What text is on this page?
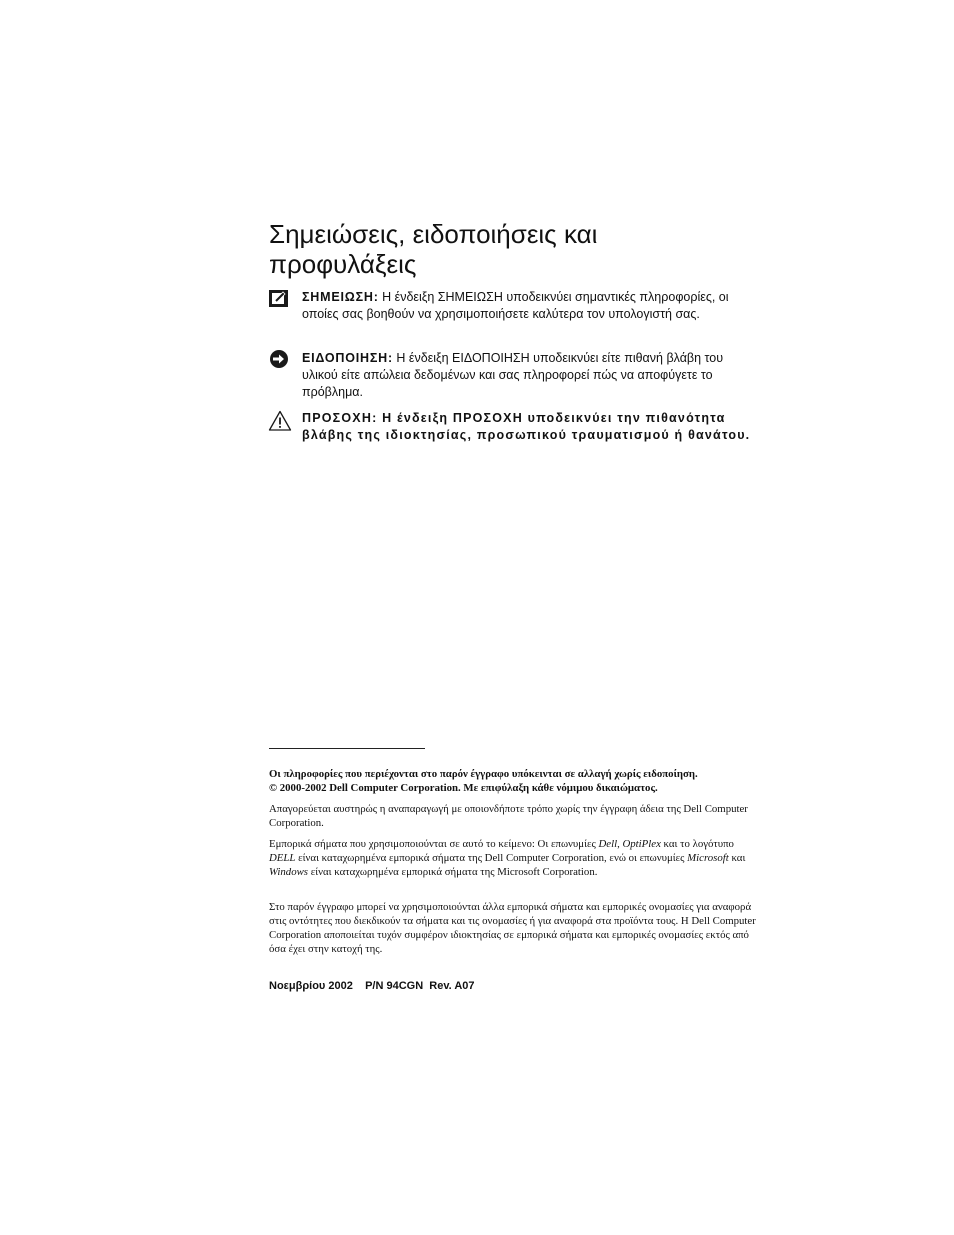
Σημειώσεις, ειδοποιήσεις και
προφυλάξεις
ΣΗΜΕΙΩΣΗ: Η ένδειξη ΣΗΜΕΙΩΣΗ υποδεικνύει σημαντικές πληροφορίες, οι οποίες σας βοηθούν να χρησιμοποιήσετε καλύτερα τον υπολογιστή σας.
ΕΙΔΟΠΟΙΗΣΗ: Η ένδειξη ΕΙΔΟΠΟΙΗΣΗ υποδεικνύει είτε πιθανή βλάβη του υλικού είτε απώλεια δεδομένων και σας πληροφορεί πώς να αποφύγετε το πρόβλημα.
ΠΡΟΣΟΧΗ: Η ένδειξη ΠΡΟΣΟΧΗ υποδεικνύει την πιθανότητα βλάβης της ιδιοκτησίας, προσωπικού τραυματισμού ή θανάτου.
Οι πληροφορίες που περιέχονται στο παρόν έγγραφο υπόκεινται σε αλλαγή χωρίς ειδοποίηση.
© 2000-2002 Dell Computer Corporation. Με επιφύλαξη κάθε νόμιμου δικαιώματος.
Απαγορεύεται αυστηρώς η αναπαραγωγή με οποιονδήποτε τρόπο χωρίς την έγγραφη άδεια της Dell Computer Corporation.
Εμπορικά σήματα που χρησιμοποιούνται σε αυτό το κείμενο: Οι επωνυμίες Dell, OptiPlex και το λογότυπο DELL είναι καταχωρημένα εμπορικά σήματα της Dell Computer Corporation, ενώ οι επωνυμίες Microsoft και Windows είναι καταχωρημένα εμπορικά σήματα της Microsoft Corporation.
Στο παρόν έγγραφο μπορεί να χρησιμοποιούνται άλλα εμπορικά σήματα και εμπορικές ονομασίες για αναφορά στις οντότητες που διεκδικούν τα σήματα και τις ονομασίες ή για αναφορά στα προϊόντα τους. Η Dell Computer Corporation αποποιείται τυχόν συμφέρον ιδιοκτησίας σε εμπορικά σήματα και εμπορικές ονομασίες εκτός από όσα έχει στην κατοχή της.
Νοεμβρίου 2002 P/N 94CGN Rev. A07
